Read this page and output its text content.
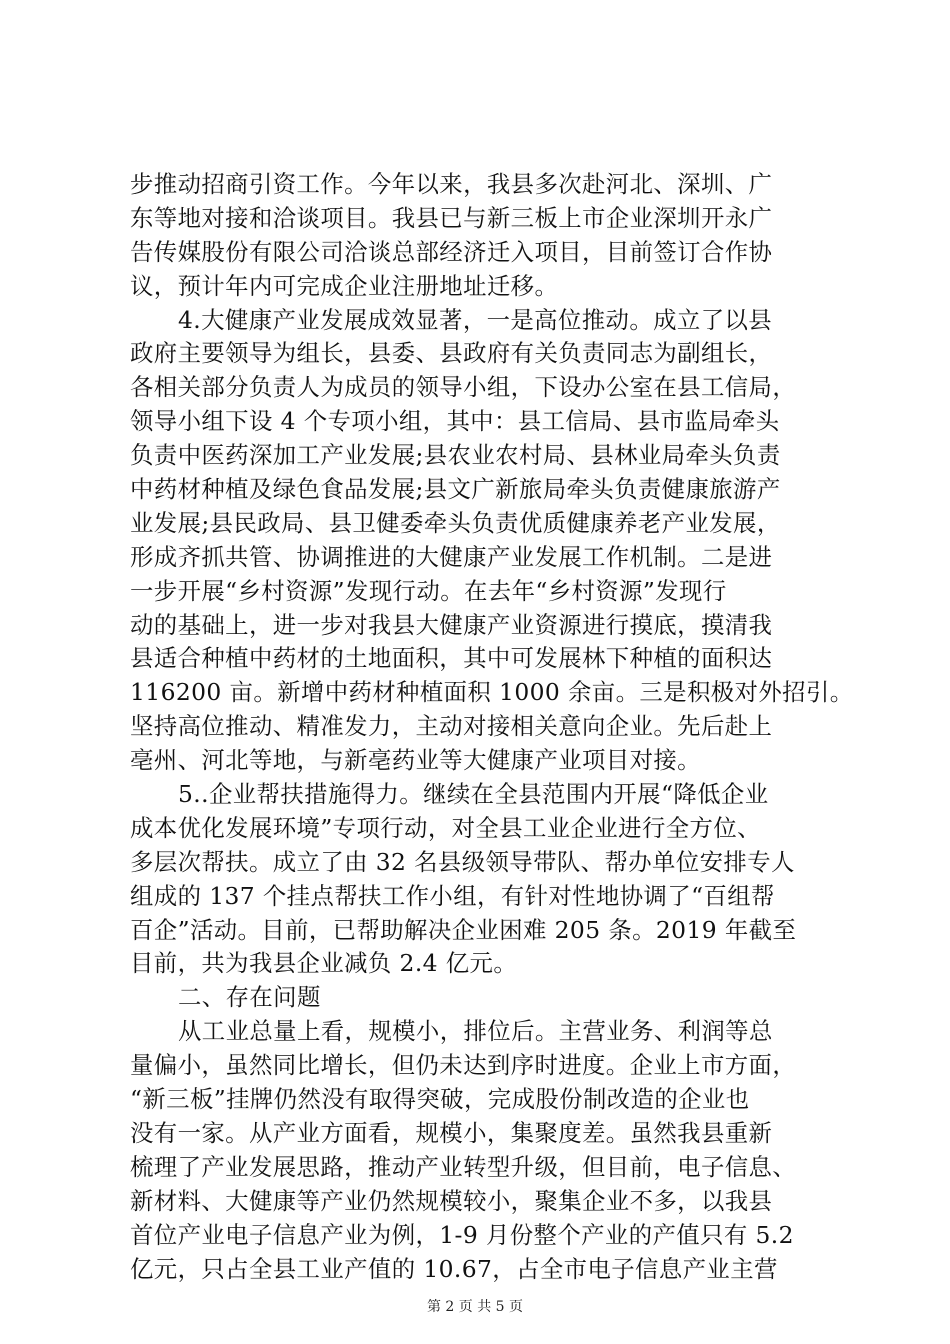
步推动招商引资工作。今年以来，我县多次赴河北、深圳、广
东等地对接和洽谈项目。我县已与新三板上市企业深圳开永广
告传媒股份有限公司洽谈总部经济迁入项目，目前签订合作协
议，预计年内可完成企业注册地址迁移。
4.大健康产业发展成效显著，一是高位推动。成立了以县
政府主要领导为组长，县委、县政府有关负责同志为副组长，
各相关部分负责人为成员的领导小组，下设办公室在县工信局，
领导小组下设 4 个专项小组，其中：县工信局、县市监局牵头
负责中医药深加工产业发展;县农业农村局、县林业局牵头负责
中药材种植及绿色食品发展;县文广新旅局牵头负责健康旅游产
业发展;县民政局、县卫健委牵头负责优质健康养老产业发展，
形成齐抓共管、协调推进的大健康产业发展工作机制。二是进
一步开展“乡村资源”发现行动。在去年“乡村资源”发现行
动的基础上，进一步对我县大健康产业资源进行摸底，摸清我
县适合种植中药材的土地面积，其中可发展林下种植的面积达
116200 亩。新增中药材种植面积 1000 余亩。三是积极对外招引。
坚持高位推动、精准发力，主动对接相关意向企业。先后赴上
亳州、河北等地，与新亳药业等大健康产业项目对接。
5..企业帮扶措施得力。继续在全县范围内开展“降低企业
成本优化发展环境”专项行动，对全县工业企业进行全方位、
多层次帮扶。成立了由 32 名县级领导带队、帮办单位安排专人
组成的 137 个挂点帮扶工作小组，有针对性地协调了“百组帮
百企”活动。目前，已帮助解决企业困难 205 条。2019 年截至
目前，共为我县企业减负 2.4 亿元。
二、存在问题
从工业总量上看，规模小，排位后。主营业务、利润等总
量偏小，虽然同比增长，但仍未达到序时进度。企业上市方面，
“新三板”挂牌仍然没有取得突破，完成股份制改造的企业也
没有一家。从产业方面看，规模小，集聚度差。虽然我县重新
梳理了产业发展思路，推动产业转型升级，但目前，电子信息、
新材料、大健康等产业仍然规模较小，聚集企业不多，以我县
首位产业电子信息产业为例，1-9 月份整个产业的产值只有 5.2
亿元，只占全县工业产值的 10.67，占全市电子信息产业主营
第 2 页 共 5 页
